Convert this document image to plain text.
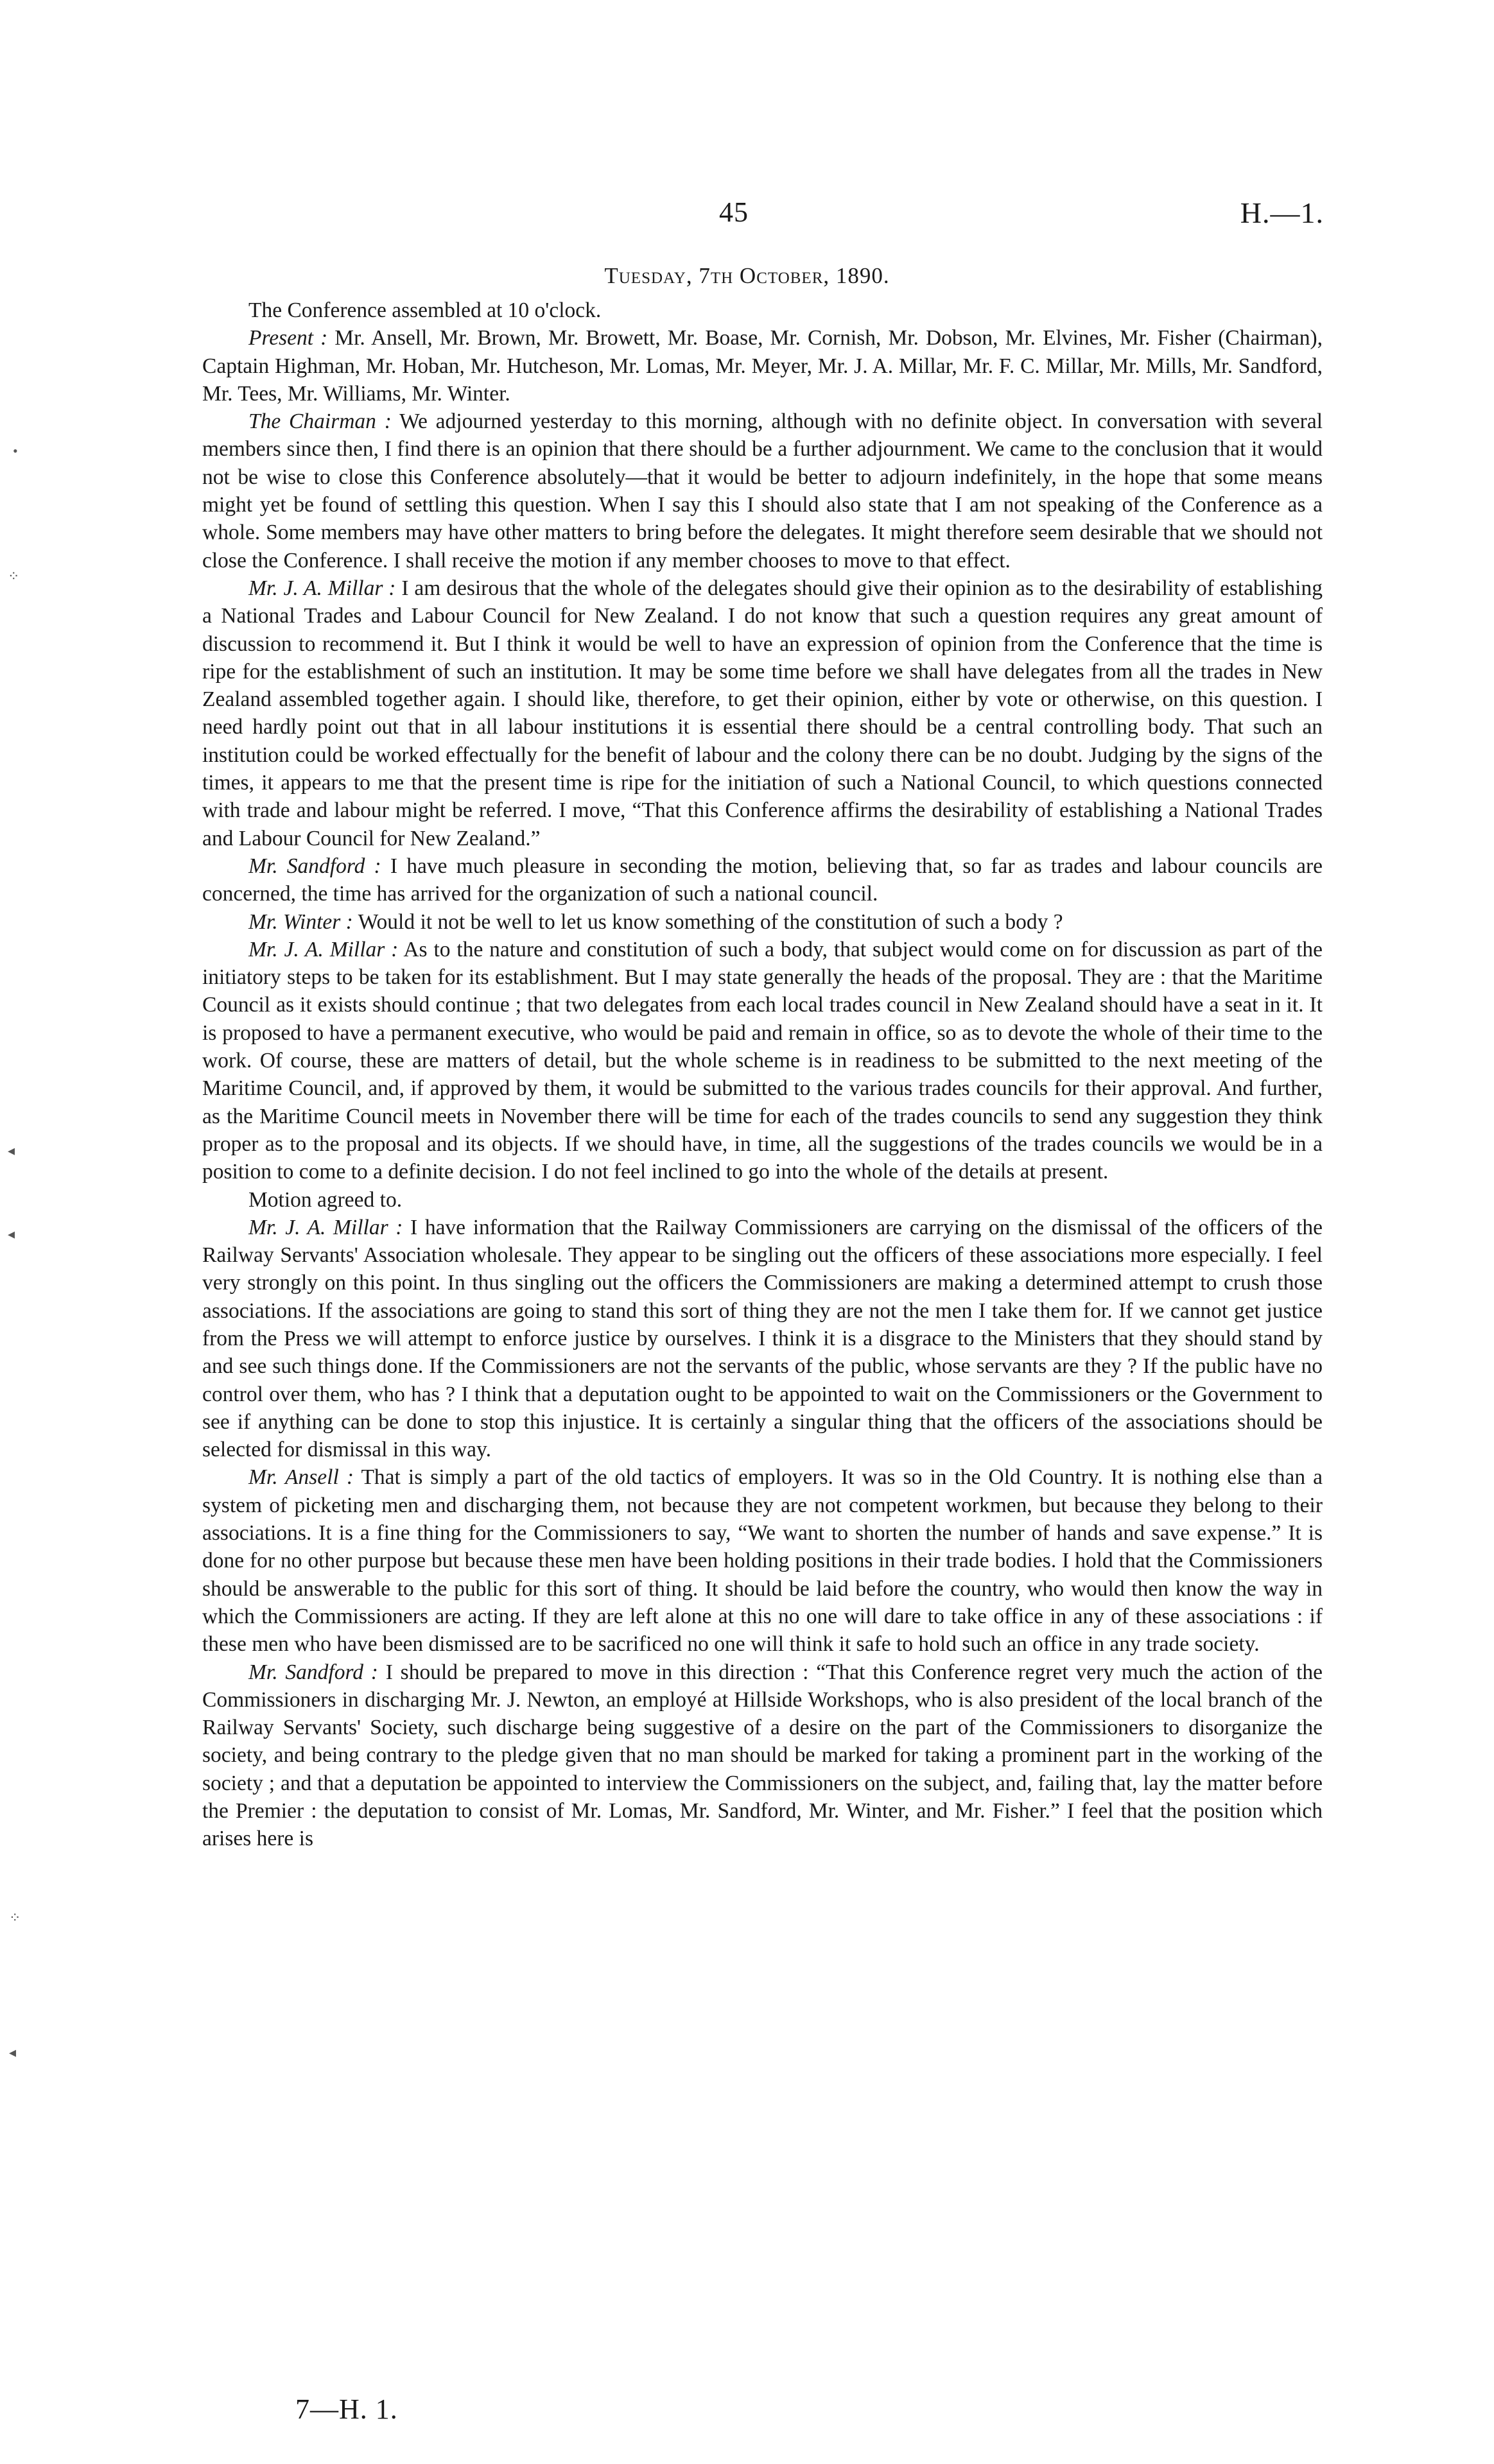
45	H.—1.
Tuesday, 7th October, 1890.

The Conference assembled at 10 o'clock.

Present : Mr. Ansell, Mr. Brown, Mr. Browett, Mr. Boase, Mr. Cornish, Mr. Dobson, Mr. Elvines, Mr. Fisher (Chairman), Captain Highman, Mr. Hoban, Mr. Hutcheson, Mr. Lomas, Mr. Meyer, Mr. J. A. Millar, Mr. F. C. Millar, Mr. Mills, Mr. Sandford, Mr. Tees, Mr. Williams, Mr. Winter.

The Chairman : We adjourned yesterday to this morning, although with no definite object. In conversation with several members since then, I find there is an opinion that there should be a further adjournment. We came to the conclusion that it would not be wise to close this Conference absolutely—that it would be better to adjourn indefinitely, in the hope that some means might yet be found of settling this question. When I say this I should also state that I am not speaking of the Conference as a whole. Some members may have other matters to bring before the delegates. It might therefore seem desirable that we should not close the Conference. I shall receive the motion if any member chooses to move to that effect.

Mr. J. A. Millar : I am desirous that the whole of the delegates should give their opinion as to the desirability of establishing a National Trades and Labour Council for New Zealand. I do not know that such a question requires any great amount of discussion to recommend it. But I think it would be well to have an expression of opinion from the Conference that the time is ripe for the establishment of such an institution. It may be some time before we shall have delegates from all the trades in New Zealand assembled together again. I should like, therefore, to get their opinion, either by vote or otherwise, on this question. I need hardly point out that in all labour institutions it is essential there should be a central controlling body. That such an institution could be worked effectually for the benefit of labour and the colony there can be no doubt. Judging by the signs of the times, it appears to me that the present time is ripe for the initiation of such a National Council, to which questions connected with trade and labour might be referred. I move, “That this Conference affirms the desirability of establishing a National Trades and Labour Council for New Zealand.”

Mr. Sandford : I have much pleasure in seconding the motion, believing that, so far as trades and labour councils are concerned, the time has arrived for the organization of such a national council.

Mr. Winter : Would it not be well to let us know something of the constitution of such a body ?

Mr. J. A. Millar : As to the nature and constitution of such a body, that subject would come on for discussion as part of the initiatory steps to be taken for its establishment. But I may state generally the heads of the proposal. They are : that the Maritime Council as it exists should continue ; that two delegates from each local trades council in New Zealand should have a seat in it. It is proposed to have a permanent executive, who would be paid and remain in office, so as to devote the whole of their time to the work. Of course, these are matters of detail, but the whole scheme is in readiness to be submitted to the next meeting of the Maritime Council, and, if approved by them, it would be submitted to the various trades councils for their approval. And further, as the Maritime Council meets in November there will be time for each of the trades councils to send any suggestion they think proper as to the proposal and its objects. If we should have, in time, all the suggestions of the trades councils we would be in a position to come to a definite decision. I do not feel inclined to go into the whole of the details at present.

Motion agreed to.

Mr. J. A. Millar : I have information that the Railway Commissioners are carrying on the dismissal of the officers of the Railway Servants' Association wholesale. They appear to be singling out the officers of these associations more especially. I feel very strongly on this point. In thus singling out the officers the Commissioners are making a determined attempt to crush those associations. If the associations are going to stand this sort of thing they are not the men I take them for. If we cannot get justice from the Press we will attempt to enforce justice by ourselves. I think it is a disgrace to the Ministers that they should stand by and see such things done. If the Commissioners are not the servants of the public, whose servants are they ? If the public have no control over them, who has ? I think that a deputation ought to be appointed to wait on the Commissioners or the Government to see if anything can be done to stop this injustice. It is certainly a singular thing that the officers of the associations should be selected for dismissal in this way.

Mr. Ansell : That is simply a part of the old tactics of employers. It was so in the Old Country. It is nothing else than a system of picketing men and discharging them, not because they are not competent workmen, but because they belong to their associations. It is a fine thing for the Commissioners to say, “We want to shorten the number of hands and save expense.” It is done for no other purpose but because these men have been holding positions in their trade bodies. I hold that the Commissioners should be answerable to the public for this sort of thing. It should be laid before the country, who would then know the way in which the Commissioners are acting. If they are left alone at this no one will dare to take office in any of these associations : if these men who have been dismissed are to be sacrificed no one will think it safe to hold such an office in any trade society.

Mr. Sandford : I should be prepared to move in this direction : “That this Conference regret very much the action of the Commissioners in discharging Mr. J. Newton, an employé at Hillside Workshops, who is also president of the local branch of the Railway Servants' Society, such discharge being suggestive of a desire on the part of the Commissioners to disorganize the society, and being contrary to the pledge given that no man should be marked for taking a prominent part in the working of the society ; and that a deputation be appointed to interview the Commissioners on the subject, and, failing that, lay the matter before the Premier : the deputation to consist of Mr. Lomas, Mr. Sandford, Mr. Winter, and Mr. Fisher.” I feel that the position which arises here is

7—H. 1.
•
⁘
◂
◂
⁘
◂
